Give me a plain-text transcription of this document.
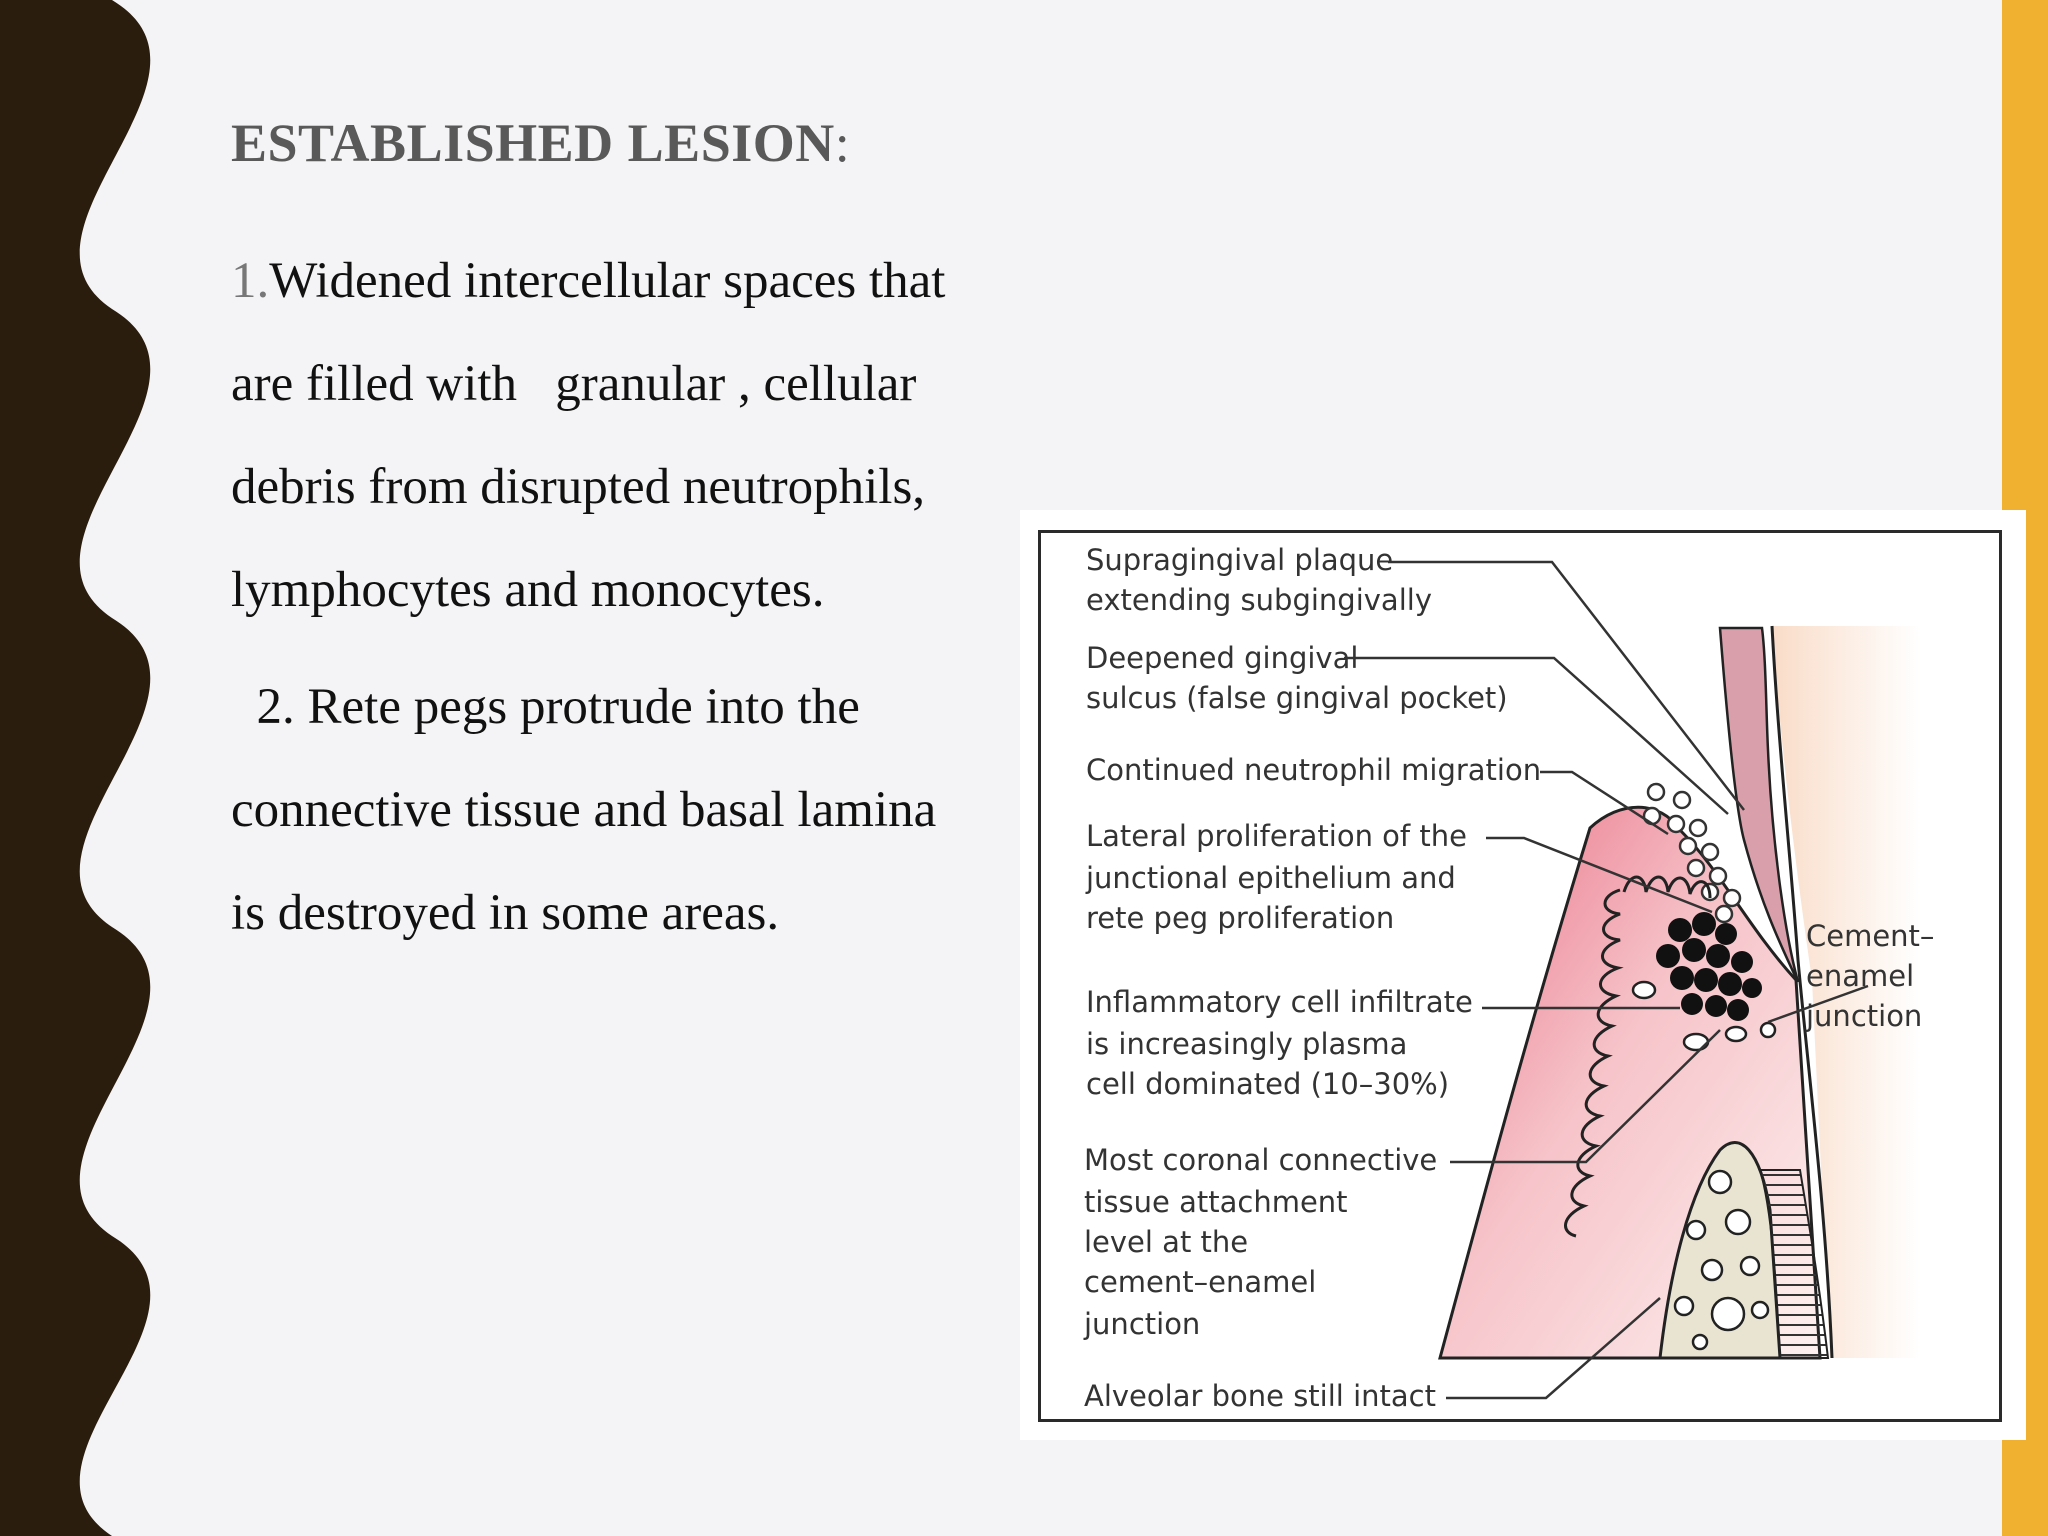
ESTABLISHED LESION:
1.Widened intercellular spaces that
are filled with   granular , cellular
debris from disrupted neutrophils,
lymphocytes and monocytes.
2. Rete pegs protrude into the
connective tissue and basal lamina
is destroyed in some areas.
Supragingival plaque
extending subgingivally
Deepened gingival
sulcus (false gingival pocket)
Continued neutrophil migration
Lateral proliferation of the
junctional epithelium and
rete peg proliferation
Inflammatory cell infiltrate
is increasingly plasma
cell dominated (10–30%)
Most coronal connective
tissue attachment
level at the
cement–enamel
junction
Alveolar bone still intact
Cement–
enamel
junction
